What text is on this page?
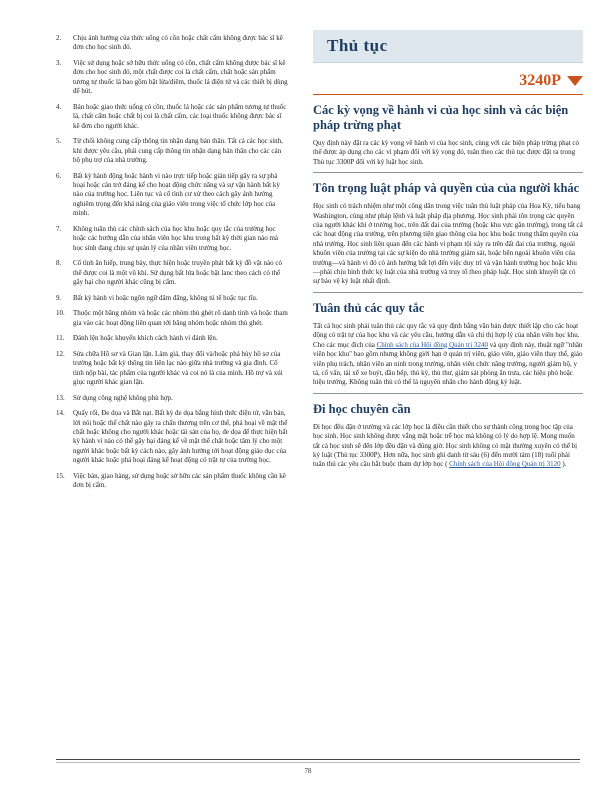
2.	Chịu ảnh hưởng của thức uống có cồn hoặc chất cấm không được bác sĩ kê đơn cho học sinh đó.
3.	Việc sử dụng hoặc sở hữu thức uống có cồn, chất cấm không được bác sĩ kê đơn cho học sinh đó, một chất được coi là chất cấm, chất hoặc sản phẩm tương tự thuốc lá bao gồm bật lửa/diêm, thuốc lá điện tử và các thiết bị dùng để hút.
4.	Bán hoặc giao thức uống có cồn, thuốc lá hoặc các sản phẩm tương tự thuốc lá, chất cấm hoặc chất bị coi là chất cấm, các loại thuốc không được bác sĩ kê đơn cho người khác.
5.	Từ chối không cung cấp thông tin nhận dạng bản thân. Tất cả các học sinh, khi được yêu cầu, phải cung cấp thông tin nhận dạng bản thân cho các cán bộ phụ trợ của nhà trường.
6.	Bất kỳ hành động hoặc hành vi nào trực tiếp hoặc gián tiếp gây ra sự phá hoại hoặc cản trở đáng kể cho hoạt động chức năng và sự vận hành bất kỳ nào của trường học. Liên tục và cố tình cư xử theo cách gây ảnh hưởng nghiêm trọng đến khả năng của giáo viên trong việc tổ chức lớp học của mình.
7.	Không tuân thủ các chính sách của học khu hoặc quy tắc của trường học hoặc các hướng dẫn của nhân viên học khu trong bất kỳ thời gian nào mà học sinh đang chịu sự quản lý của nhân viên trường học.
8.	Cố tình ăn hiếp, trung bày, thực hiện hoặc truyền phát bất kỳ đồ vật nào có thể được coi là một vũ khí. Sử dụng bất lửa hoặc bật lanc theo cách có thể gây hại cho người khác cũng bị cấm.
9.	Bất kỳ hành vi hoặc ngôn ngữ dâm đãng, không tú tế hoặc tục tĩu.
10.	Thuộc một băng nhóm và hoặc các nhóm thù ghét rõ danh tính và hoặc tham gia vào các hoạt động liên quan tới băng nhóm hoặc nhóm thù ghét.
11.	Đánh lện hoặc khuyến khích cách hành vi đánh lện.
12.	Sửa chữa Hồ sơ và Gian lận. Làm giả, thay đổi và/hoặc phá hủy hồ sơ của trường hoặc bất kỳ thông tin liên lạc nào giữa nhà trường và gia đình. Cố tình nộp bài, tác phẩm của người khác và coi nó là của mình. Hồ trợ và xúi giục người khác gian lận.
13.	Sử dụng công nghệ không phù hợp.
14.	Quấy rối, Đe dọa và Bắt nạt. Bất kỳ đe dọa bằng hình thức điện tử, văn bản, lời nói hoặc thể chất nào gây ra chấn thương trên cơ thể, phá hoại về mặt thể chất hoặc không cho người khác hoặc tài sản của họ, đe dọa để thực hiện bất kỳ hành vi nào có thể gây hại đáng kể về mặt thể chất hoặc tâm lý cho một người khác hoặc bất kỳ cách nào, gây ảnh hưởng tới hoạt động giáo dục của người khác hoặc phá hoại đáng kể hoạt động có trật tự của trường học.
15.	Việc bán, giao hàng, sử dụng hoặc sở hữu các sản phẩm thuốc không cần kê đơn bị cấm.
Thủ tục
3240P
Các kỳ vọng về hành vi của học sinh và các biện pháp trừng phạt

Quy định này đặt ra các kỳ vọng về hành vi của học sinh, cùng với các biện pháp trừng phạt có thể được áp dụng cho các vi phạm đối với kỳ vọng đó, tuân theo các thủ tục được đặt ra trong Thủ tục 3300P đối với kỷ luật học sinh.

Tôn trọng luật pháp và quyền của của người khác

Học sinh có trách nhiệm như một công dân trong việc tuân thủ luật pháp của Hoa Kỳ, tiểu bang Washington, cùng như pháp lệnh và luật pháp địa phương. Học sinh phải tôn trọng các quyền của người khác khi ở trường học, trên đất đai của trường (hoặc khu vực gần trường), trong tất cả các hoạt động của trường, trên phương tiện giao thông của học khu hoặc trong thẩm quyền của nhà trường. Học sinh liên quan đến các hành vi phạm tội xảy ra trên đất đai của trường, ngoài khuôn viên của trường tại các sự kiện do nhà trường giám sát, hoặc bên ngoài khuôn viên của trường—và hành vi đó có ảnh hưởng bất lợi đến việc duy trì và vận hành trường học hoặc khu—phải chịu hình thức kỷ luật của nhà trường và truy tố theo pháp luật. Học sinh khuyết tật có sự bảo vệ kỷ luật nhất định.

Tuân thủ các quy tắc

Tất cả học sinh phải tuân thủ các quy tắc và quy định bằng văn bản được thiết lập cho các hoạt động có trật tự của học khu và các yêu cầu, hướng dẫn và chỉ thị hợp lý của nhân viên học khu. Cho các mục đích của Chính sách của Hội đồng Quản trị 3240 và quy định này, thuật ngữ "nhân viên học khu" bao gồm nhưng không giới hạn ở quản trị viên, giáo viên, giáo viên thay thế, giáo viên phụ trách, nhân viên an ninh trong trường, nhân viên chức năng trường, người giám hộ, y tá, cố vấn, tài xế xe buýt, đầu bếp, thủ ký, thủ thư, giám sát phòng ăn trưa, các hiệu phó hoặc hiệu trưởng. Không tuân thủ có thể là nguyên nhân cho hành động kỷ luật.

Đi học chuyên cần

Đi học đều đặn ở trường và các lớp học là điều cần thiết cho sự thành công trong học tập của học sinh. Học sinh không được vắng mặt hoặc trễ học mà không có lý do hợp lệ. Mong muốn tất cả học sinh sẽ đến lớp đều đặn và đúng giờ. Học sinh không có mặt thường xuyên có thể bị kỷ luật (Thủ tục 3300P). Hơn nữa, học sinh ghi danh từ sáu (6) đến mười tám (18) tuổi phải tuân thủ các yêu cầu bắt buộc tham dự lớp học ( Chính sách của Hội đồng Quản trị 3120 ).

78
